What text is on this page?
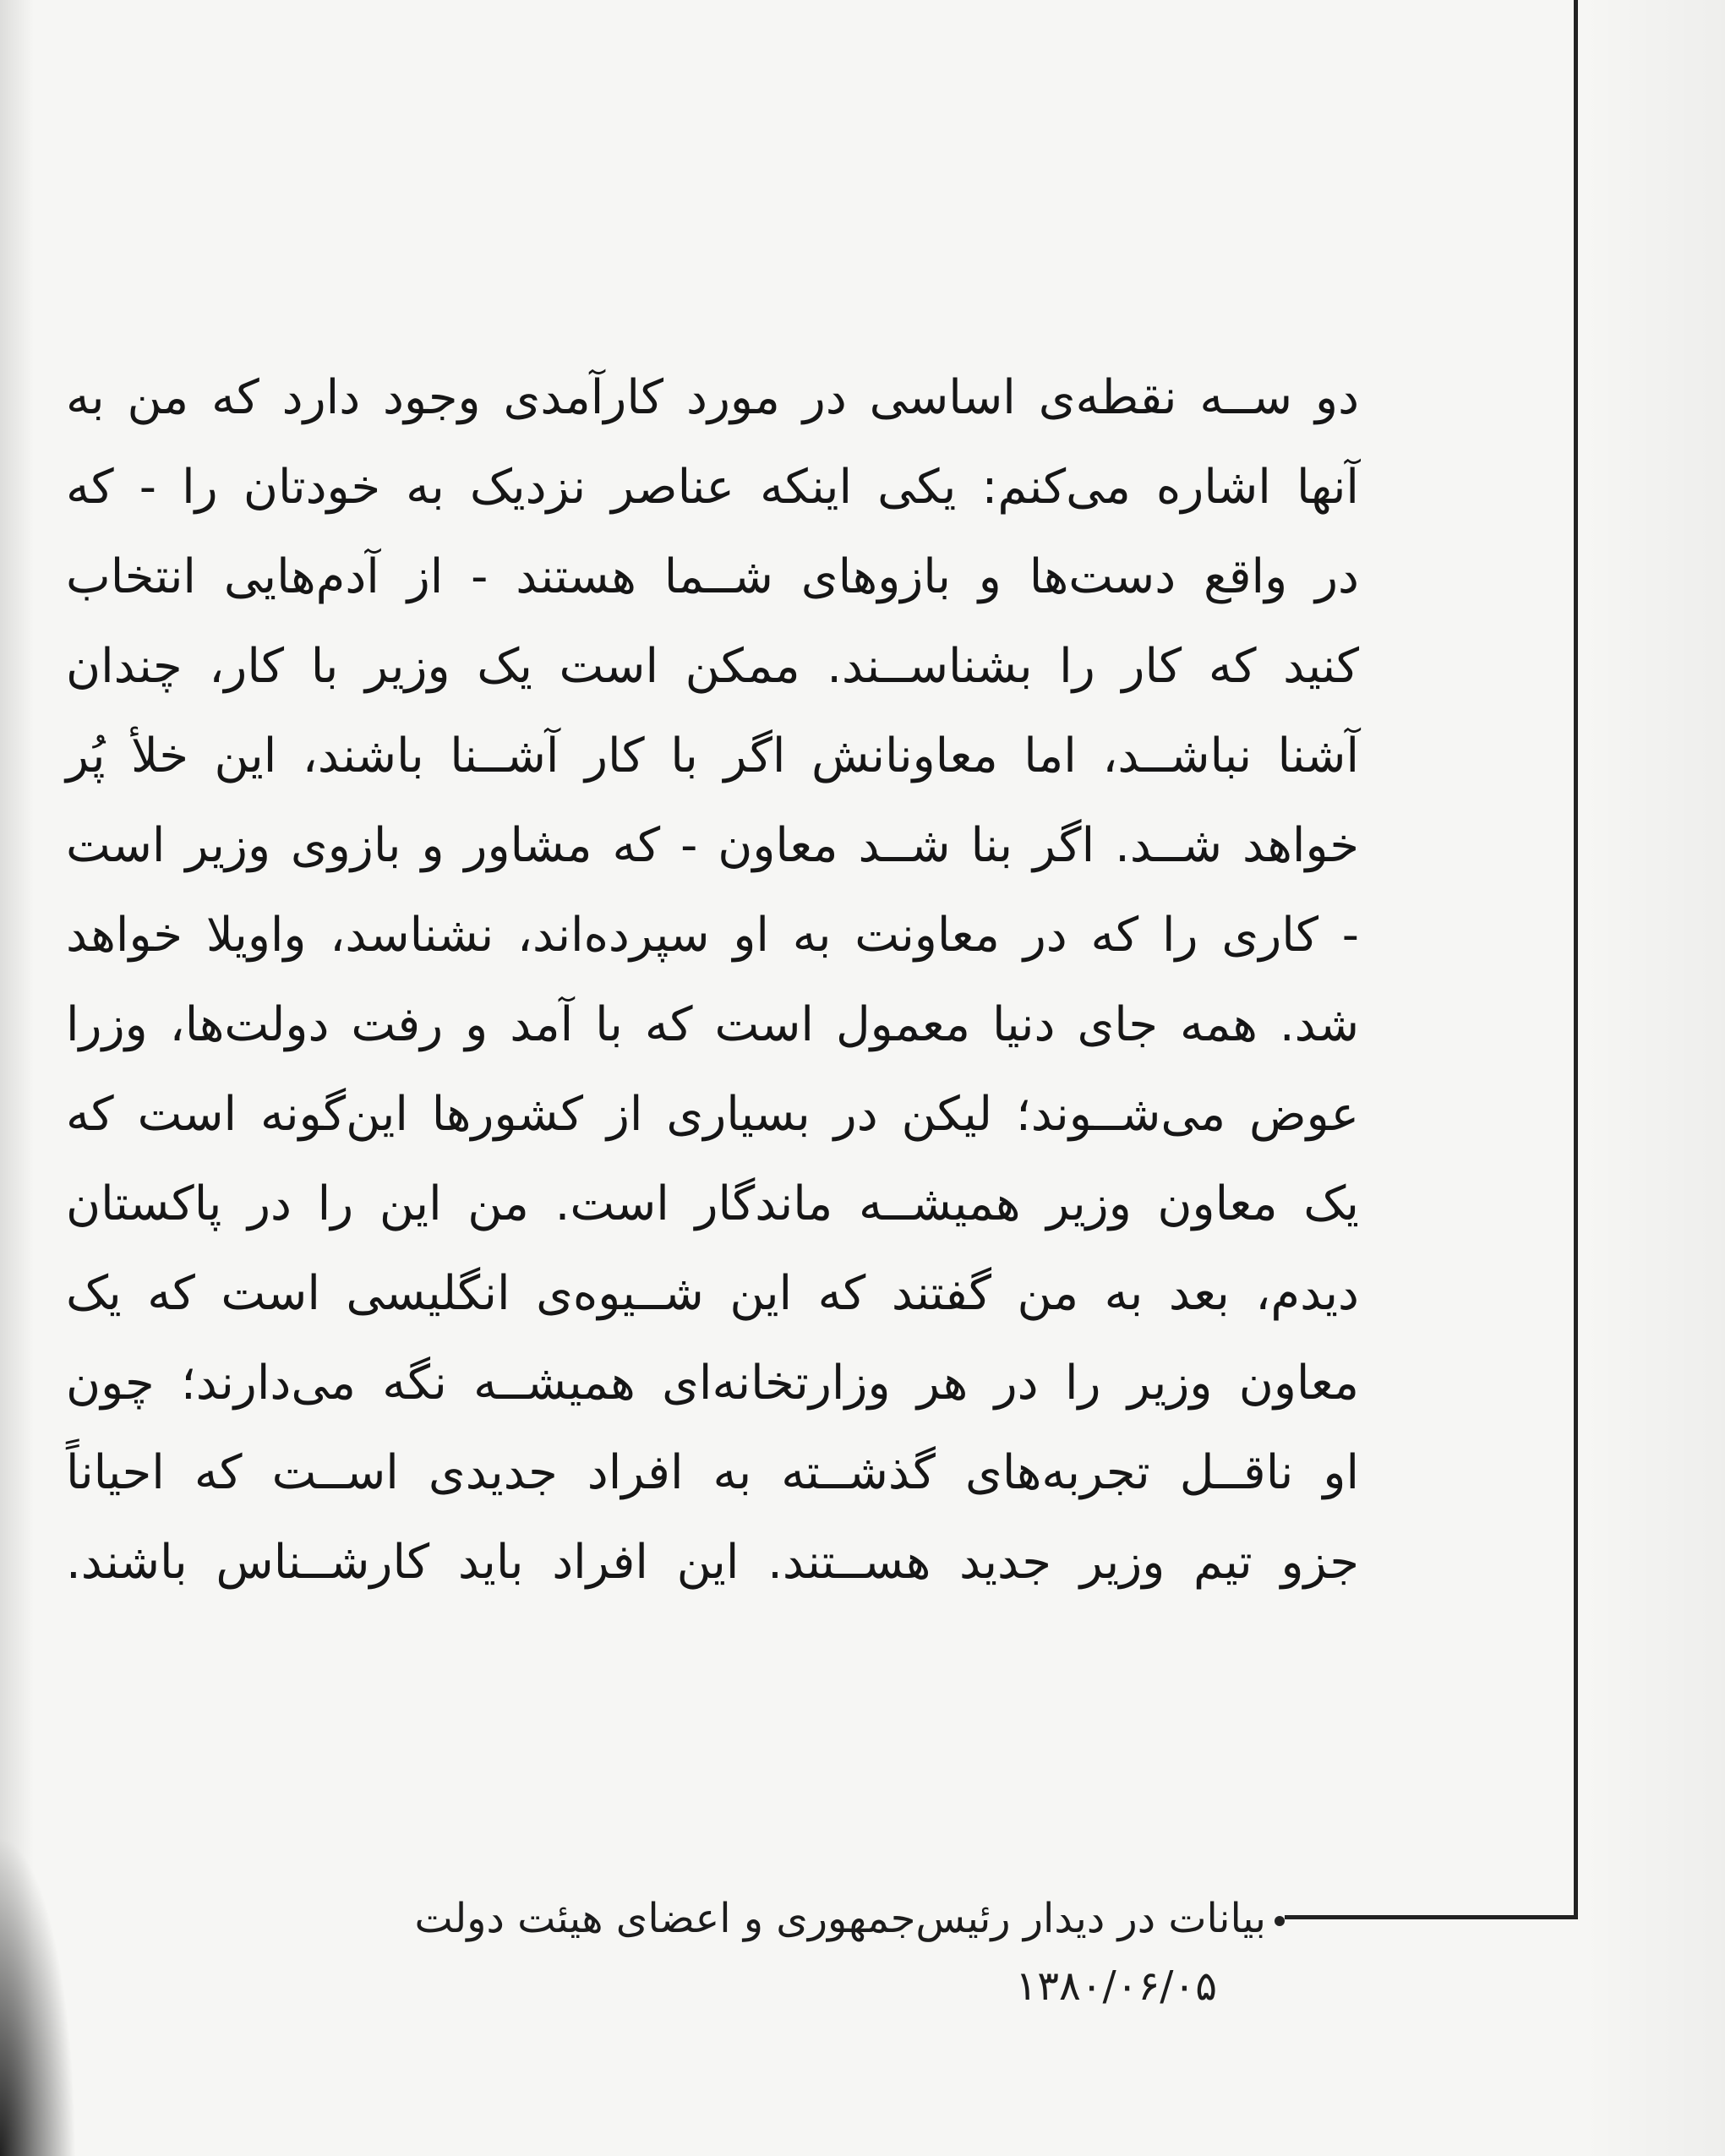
دو ســه نقطه‌ی اساسی در مورد کارآمدی وجود دارد که من به
آنها اشاره می‌کنم: یکی اینکه عناصر نزدیک به خودتان را - که
در واقع دست‌ها و بازوهای شــما هستند - از آدم‌هایی انتخاب
کنید که کار را بشناســند. ممکن است یک وزیر با کار، چندان
آشنا نباشــد، اما معاونانش اگر با کار آشــنا باشند، این خلأ پُر
خواهد شــد. اگر بنا شــد معاون - که مشاور و بازوی وزیر است
- کاری را که در معاونت به او سپرده‌اند، نشناسد، واویلا خواهد
شد. همه جای دنیا معمول است که با آمد و رفت دولت‌ها، وزرا
عوض می‌شــوند؛ لیکن در بسیاری از کشورها این‌گونه است که
یک معاون وزیر همیشــه ماندگار است. من این را در پاکستان
دیدم، بعد به من گفتند که این شــیوه‌ی انگلیسی است که یک
معاون وزیر را در هر وزارتخانه‌ای همیشــه نگه می‌دارند؛ چون
او ناقــل تجربه‌های گذشــته به افراد جدیدی اســت که احیاناً
جزو تیم وزیر جدید هســتند. این افراد باید کارشــناس باشند.
بیانات در دیدار رئیس‌جمهوری و اعضای هیئت دولت
۱۳۸۰/۰۶/۰۵
